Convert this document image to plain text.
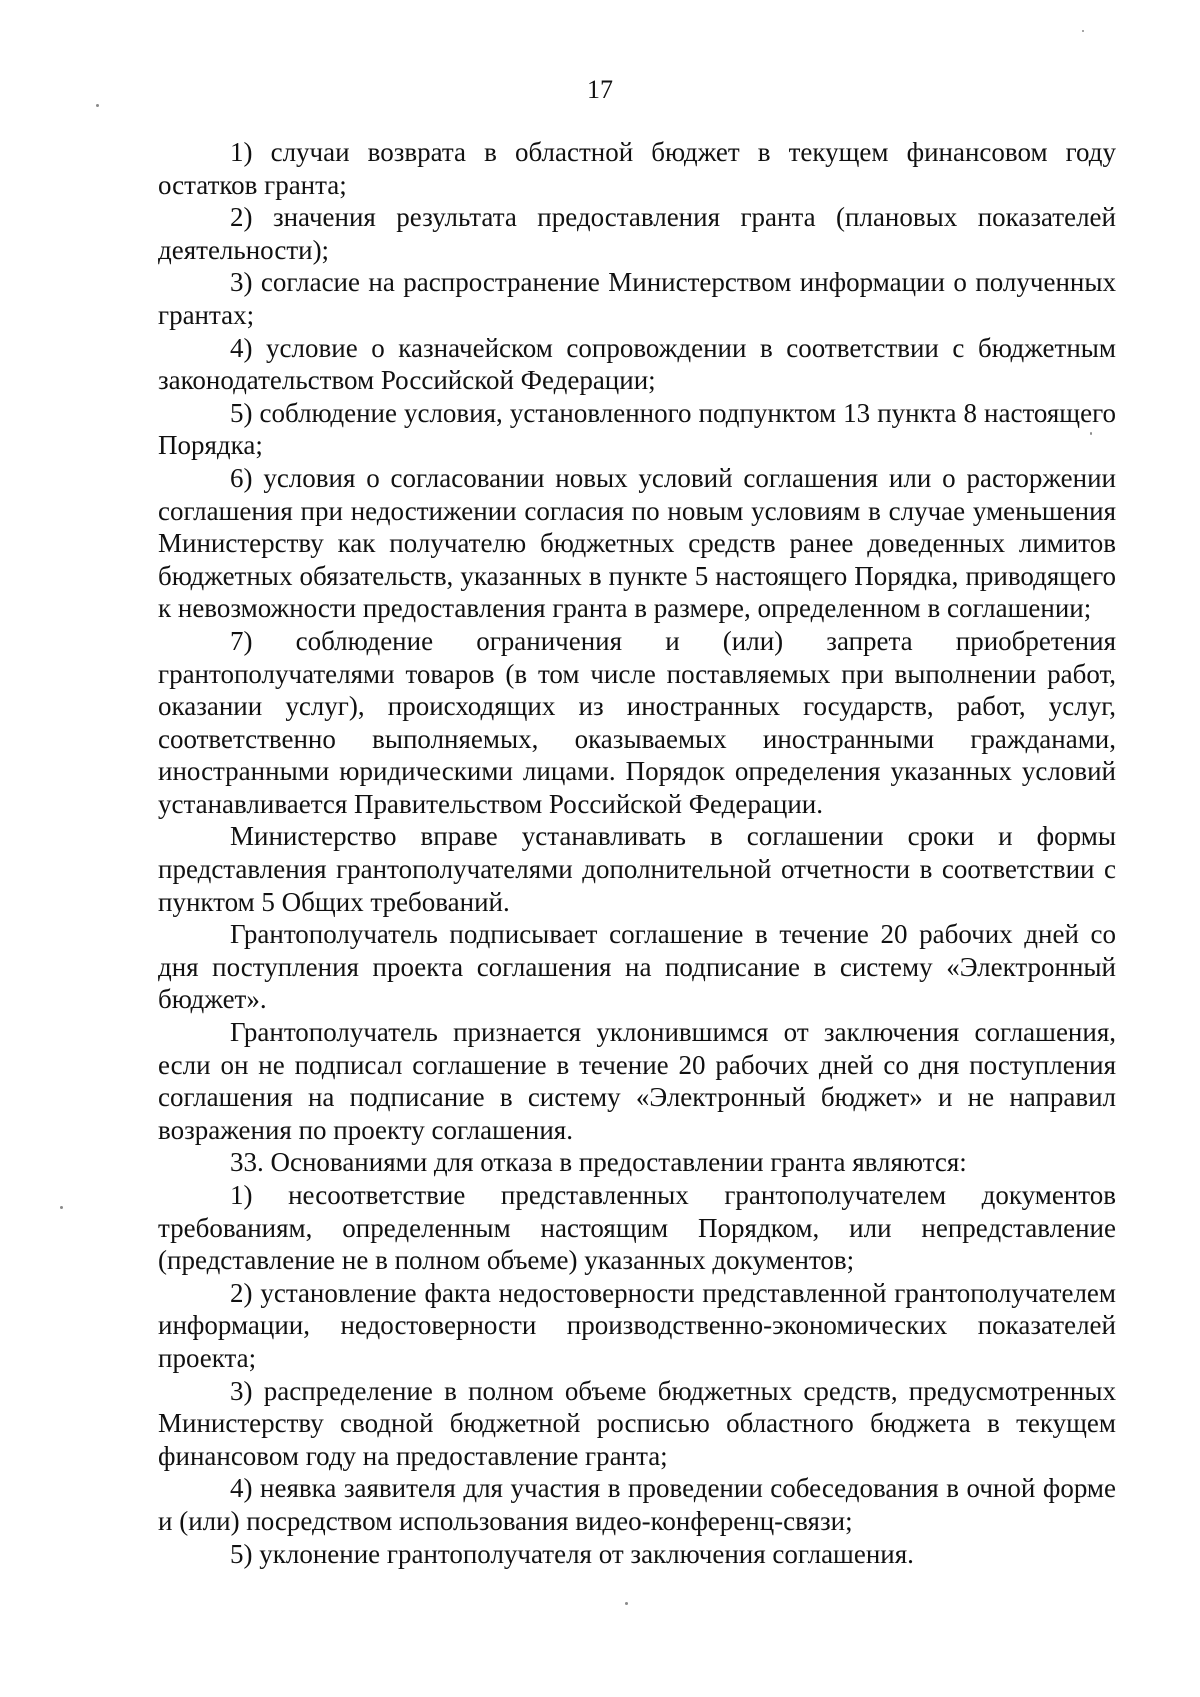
17

1) случаи возврата в областной бюджет в текущем финансовом году остатков гранта;

2) значения результата предоставления гранта (плановых показателей деятельности);

3) согласие на распространение Министерством информации о полученных грантах;

4) условие о казначейском сопровождении в соответствии с бюджетным законодательством Российской Федерации;

5) соблюдение условия, установленного подпунктом 13 пункта 8 настоящего Порядка;

6) условия о согласовании новых условий соглашения или о расторжении соглашения при недостижении согласия по новым условиям в случае уменьшения Министерству как получателю бюджетных средств ранее доведенных лимитов бюджетных обязательств, указанных в пункте 5 настоящего Порядка, приводящего к невозможности предоставления гранта в размере, определенном в соглашении;

7) соблюдение ограничения и (или) запрета приобретения грантополучателями товаров (в том числе поставляемых при выполнении работ, оказании услуг), происходящих из иностранных государств, работ, услуг, соответственно выполняемых, оказываемых иностранными гражданами, иностранными юридическими лицами. Порядок определения указанных условий устанавливается Правительством Российской Федерации.

Министерство вправе устанавливать в соглашении сроки и формы представления грантополучателями дополнительной отчетности в соответствии с пунктом 5 Общих требований.

Грантополучатель подписывает соглашение в течение 20 рабочих дней со дня поступления проекта соглашения на подписание в систему «Электронный бюджет».

Грантополучатель признается уклонившимся от заключения соглашения, если он не подписал соглашение в течение 20 рабочих дней со дня поступления соглашения на подписание в систему «Электронный бюджет» и не направил возражения по проекту соглашения.

33. Основаниями для отказа в предоставлении гранта являются:

1) несоответствие представленных грантополучателем документов требованиям, определенным настоящим Порядком, или непредставление (представление не в полном объеме) указанных документов;

2) установление факта недостоверности представленной грантополучателем информации, недостоверности производственно-экономических показателей проекта;

3) распределение в полном объеме бюджетных средств, предусмотренных Министерству сводной бюджетной росписью областного бюджета в текущем финансовом году на предоставление гранта;

4) неявка заявителя для участия в проведении собеседования в очной форме и (или) посредством использования видео-конференц-связи;

5) уклонение грантополучателя от заключения соглашения.
